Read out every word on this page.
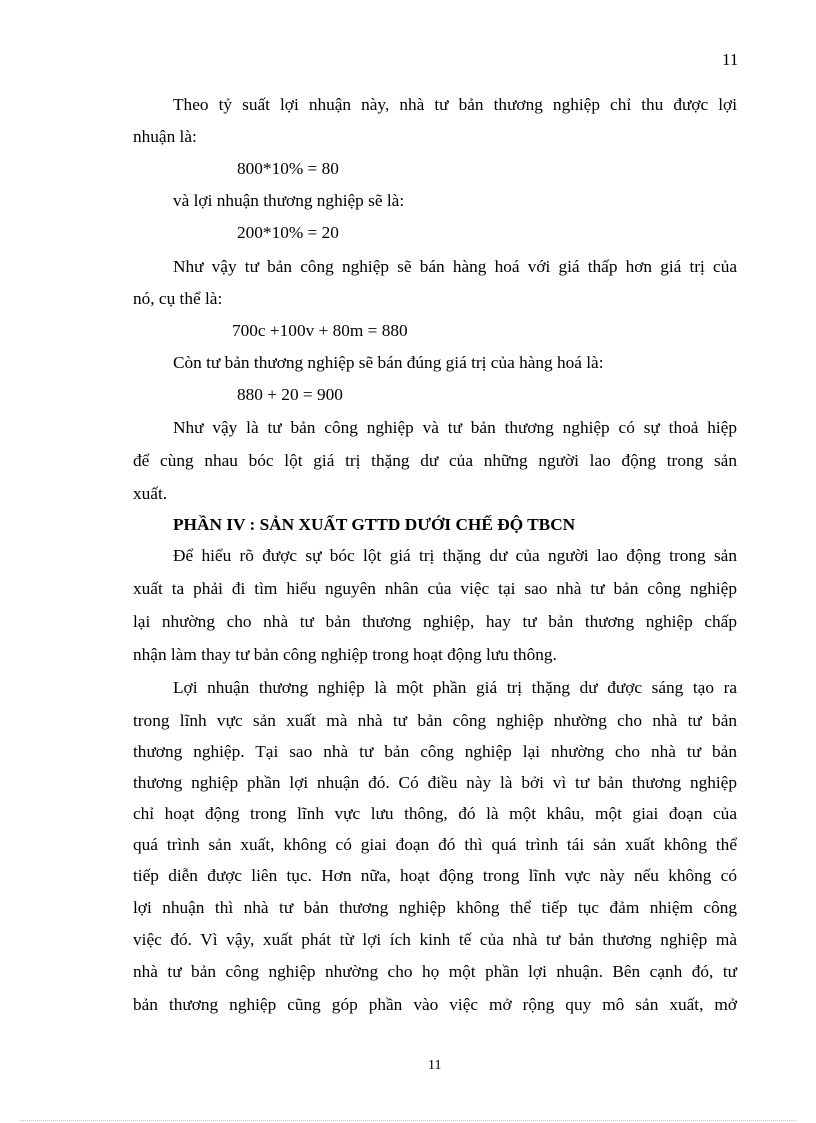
11
Theo tỷ suất lợi nhuận này, nhà tư bản thương nghiệp chỉ thu được lợi
nhuận là:
800*10% = 80
và lợi nhuận thương nghiệp sẽ là:
200*10% = 20
Như vậy tư bản công nghiệp sẽ bán hàng hoá với giá thấp hơn giá trị của
nó, cụ thể là:
700c +100v + 80m = 880
Còn tư bản thương nghiệp sẽ bán đúng giá trị của hàng hoá là:
880 + 20 = 900
Như vậy là tư bản công nghiệp và tư bản thương nghiệp có sự thoả hiệp
để cùng nhau bóc lột giá trị thặng dư của những người lao động trong sản
xuất.
PHẦN IV : SẢN XUẤT GTTD DƯỚI CHẾ ĐỘ TBCN
Để hiểu rõ được sự bóc lột giá trị thặng dư của người lao động trong sản
xuất ta phải đi tìm hiểu nguyên nhân của việc tại sao nhà tư bản công nghiệp
lại nhường cho nhà tư bản thương nghiệp, hay tư bản thương nghiệp chấp
nhận làm thay tư bản công nghiệp trong hoạt động lưu thông.
Lợi nhuận thương nghiệp là một phần giá trị thặng dư được sáng tạo ra
trong lĩnh vực sản xuất mà nhà tư bản công nghiệp nhường cho nhà tư bản
thương nghiệp. Tại sao nhà tư bản công nghiệp lại nhường cho nhà tư bản
thương nghiệp phần lợi nhuận đó. Có điều này là bởi vì tư bản thương nghiệp
chỉ hoạt động trong lĩnh vực lưu thông, đó là một khâu, một giai đoạn của
quá trình sản xuất, không có giai đoạn đó thì quá trình tái sản xuất không thể
tiếp diễn được liên tục. Hơn nữa, hoạt động trong lĩnh vực này nếu không có
lợi nhuận thì nhà tư bản thương nghiệp không thể tiếp tục đảm nhiệm công
việc đó. Vì vậy, xuất phát từ lợi ích kinh tế của nhà tư bản thương nghiệp mà
nhà tư bản công nghiệp nhường cho họ một phần lợi nhuận. Bên cạnh đó, tư
bản thương nghiệp cũng góp phần vào việc mở rộng quy mô sản xuất, mở
11
